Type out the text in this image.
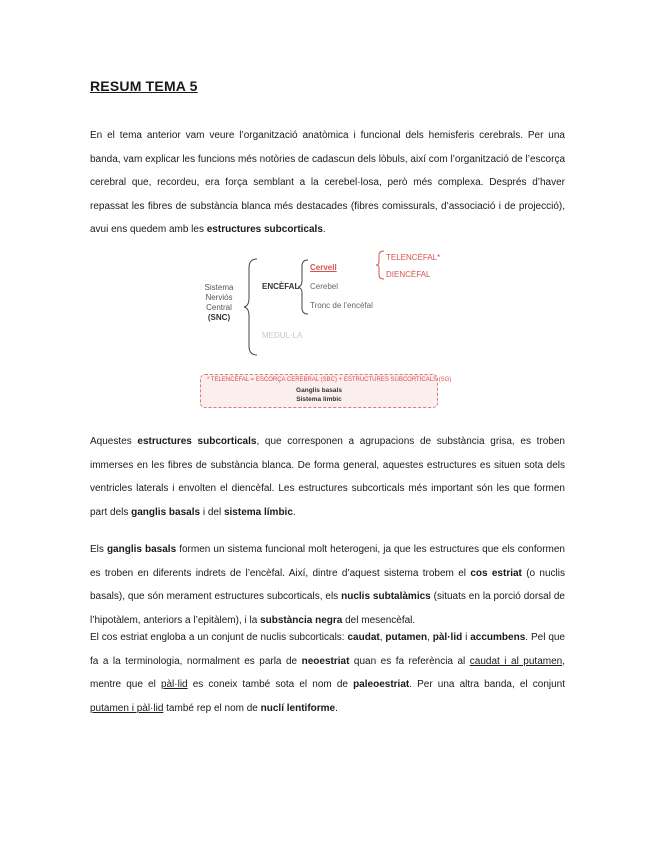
RESUM TEMA 5
En el tema anterior vam veure l’organització anatòmica i funcional dels hemisferis cerebrals. Per una banda, vam explicar les funcions més notòries de cadascun dels lòbuls, així com l’organització de l’escorça cerebral que, recordeu, era força semblant a la cerebel·losa, però més complexa. Després d’haver repassat les fibres de substància blanca més destacades (fibres comissurals, d’associació i de projecció), avui ens quedem amb les estructures subcorticals.
Sistema
Nerviós
Central
(SNC)
ENCÈFAL
MEDUL·LA
Cervell
Cerebel
Tronc de l’encèfal
TELENCÈFAL*
DIENCÈFAL
* TELENCÈFAL = ESCORÇA CEREBRAL (SBC) + ESTRUCTURES SUBCORTICALS (SG)
Ganglis basals
Sistema límbic
Aquestes estructures subcorticals, que corresponen a agrupacions de substància grisa, es troben immerses en les fibres de substància blanca. De forma general, aquestes estructures es situen sota dels ventricles laterals i envolten el diencèfal. Les estructures subcorticals més important són les que formen part dels ganglis basals i del sistema límbic.
Els ganglis basals formen un sistema funcional molt heterogeni, ja que les estructures que els conformen es troben en diferents indrets de l’encèfal. Així, dintre d’aquest sistema trobem el cos estriat (o nuclis basals), que són merament estructures subcorticals, els nuclis subtalàmics (situats en la porció dorsal de l’hipotàlem, anteriors a l’epitàlem), i la substància negra del mesencèfal.
El cos estriat engloba a un conjunt de nuclis subcorticals: caudat, putamen, pàl·lid i accumbens. Pel que fa a la terminologia, normalment es parla de neoestriat quan es fa referència al caudat i al putamen, mentre que el pàl·lid es coneix també sota el nom de paleoestriat. Per una altra banda, el conjunt putamen i pàl·lid també rep el nom de nuclí lentiforme.
